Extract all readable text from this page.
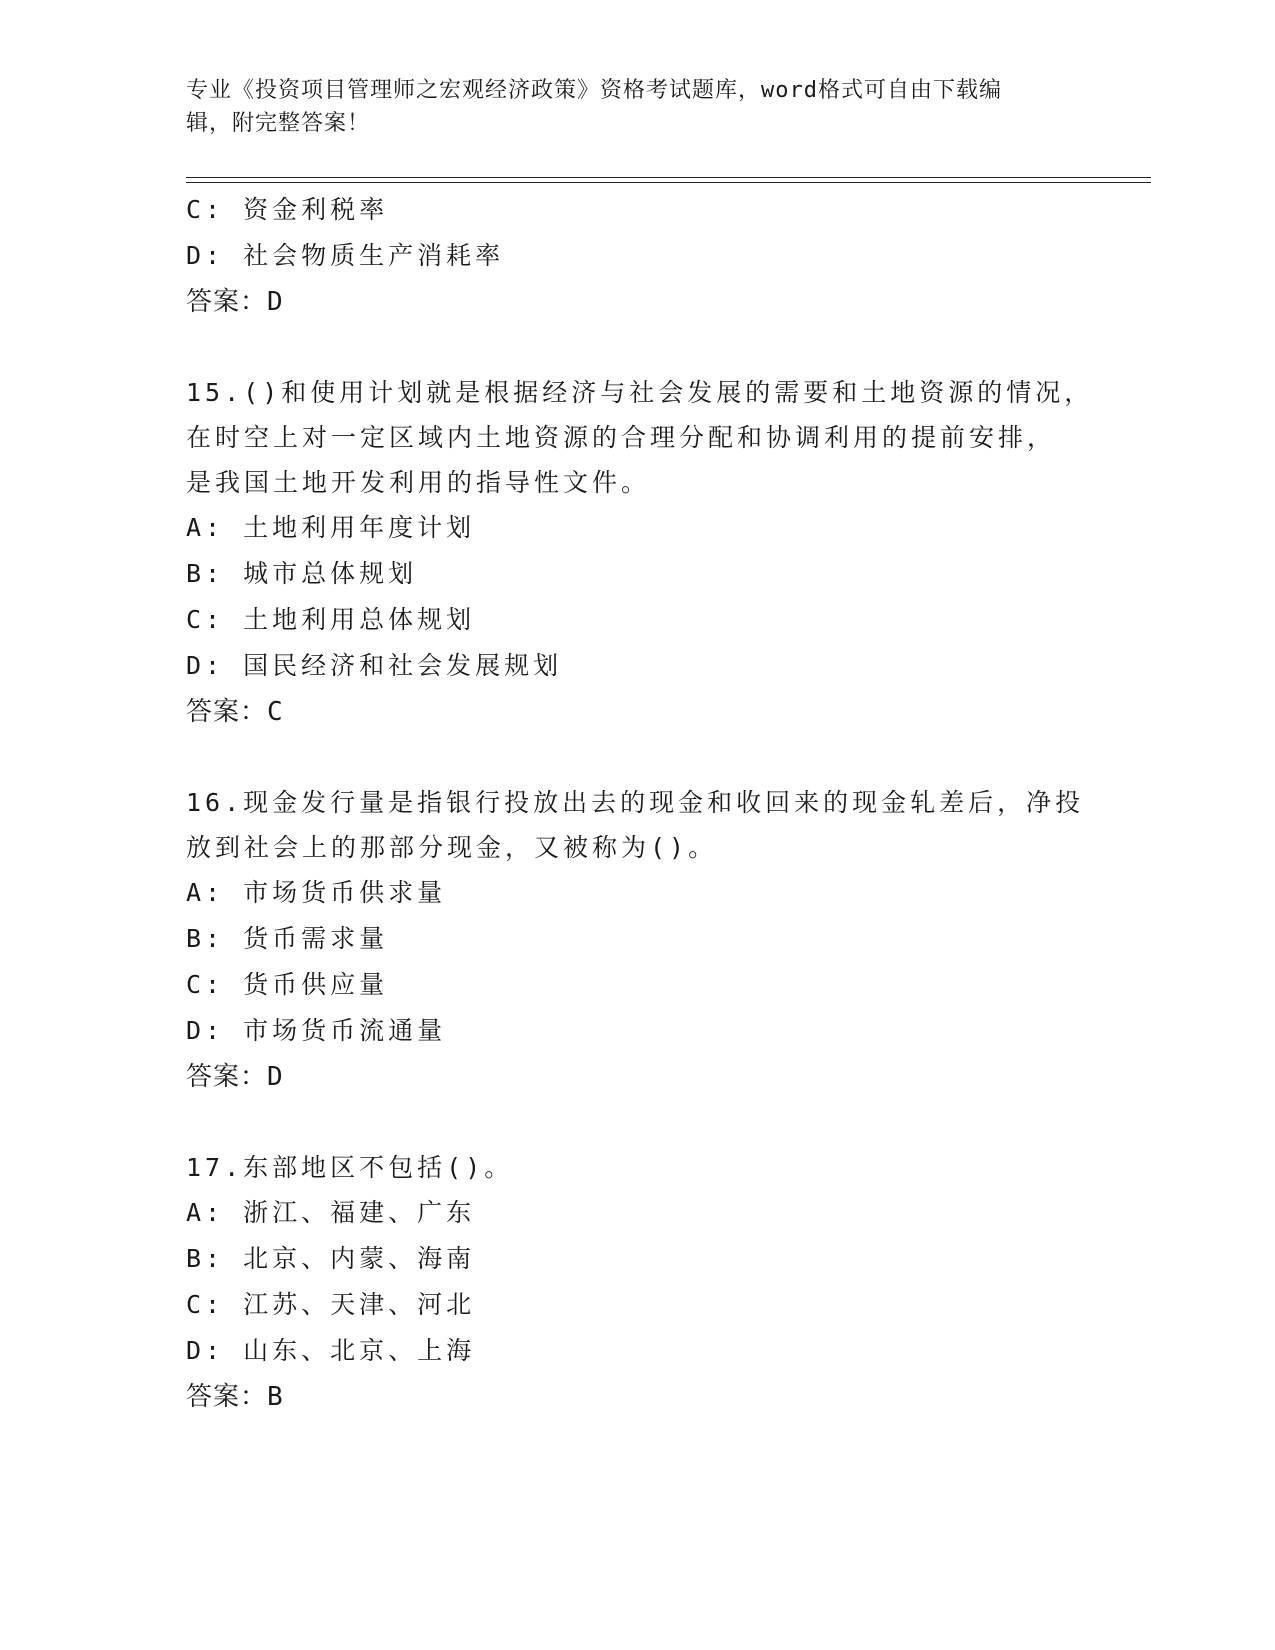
专业《投资项目管理师之宏观经济政策》资格考试题库，word格式可自由下载编
辑，附完整答案！
C: 资金利税率
D: 社会物质生产消耗率
答案：D
15.()和使用计划就是根据经济与社会发展的需要和土地资源的情况，
在时空上对一定区域内土地资源的合理分配和协调利用的提前安排，
是我国土地开发利用的指导性文件。
A: 土地利用年度计划
B: 城市总体规划
C: 土地利用总体规划
D: 国民经济和社会发展规划
答案：C
16.现金发行量是指银行投放出去的现金和收回来的现金轧差后，净投
放到社会上的那部分现金，又被称为()。
A: 市场货币供求量
B: 货币需求量
C: 货币供应量
D: 市场货币流通量
答案：D
17.东部地区不包括()。
A: 浙江、福建、广东
B: 北京、内蒙、海南
C: 江苏、天津、河北
D: 山东、北京、上海
答案：B
